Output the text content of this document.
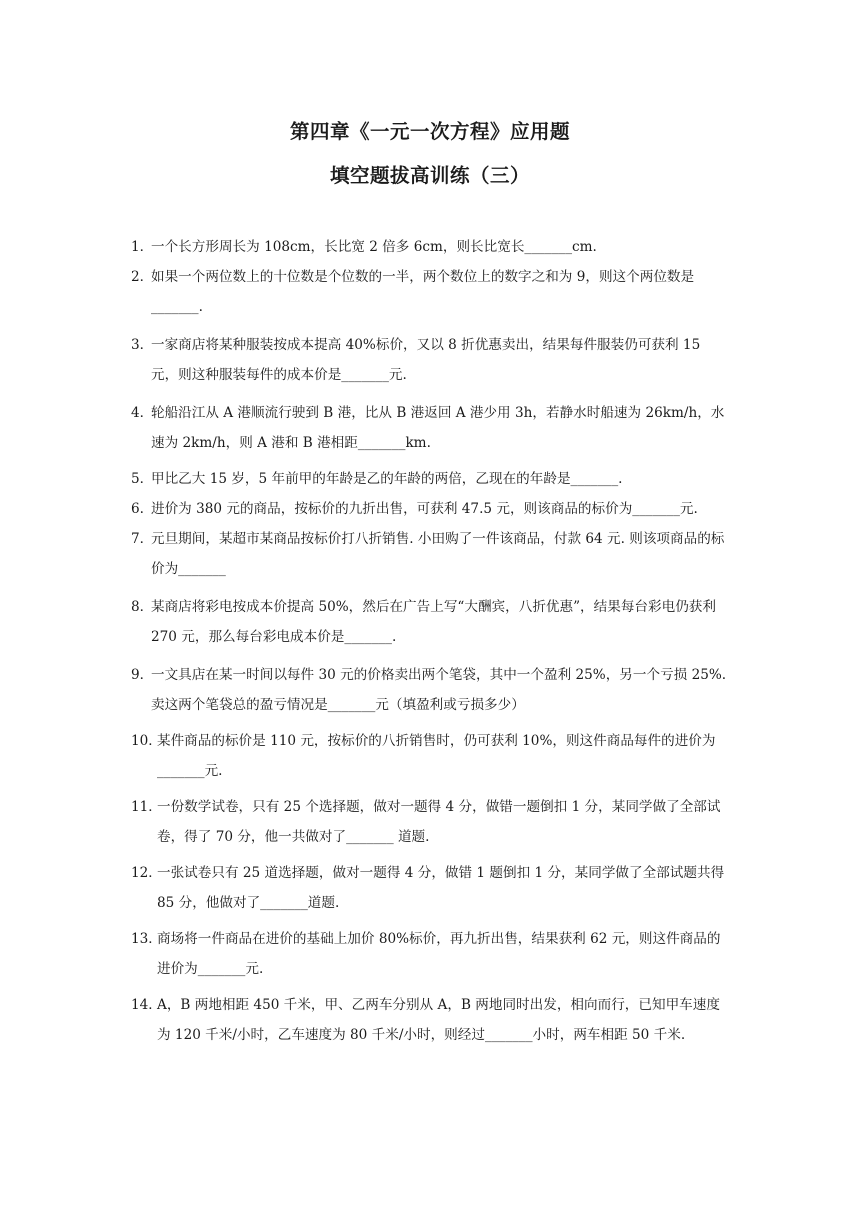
第四章《一元一次方程》应用题
填空题拔高训练（三）
1．
一个长方形周长为 108cm，长比宽 2 倍多 6cm，则长比宽长_______cm.
2．
如果一个两位数上的十位数是个位数的一半，两个数位上的数字之和为 9，则这个两位数是_______.
3．
一家商店将某种服装按成本提高 40%标价，又以 8 折优惠卖出，结果每件服装仍可获利 15 元，则这种服装每件的成本价是_______元.
4．
轮船沿江从 A 港顺流行驶到 B 港，比从 B 港返回 A 港少用 3h，若静水时船速为 26km/h，水速为 2km/h，则 A 港和 B 港相距_______km.
5．
甲比乙大 15 岁，5 年前甲的年龄是乙的年龄的两倍，乙现在的年龄是_______.
6. 进价为 380 元的商品，按标价的九折出售，可获利 47.5 元，则该商品的标价为_______元.
7．
元旦期间，某超市某商品按标价打八折销售. 小田购了一件该商品，付款 64 元. 则该项商品的标价为_______
8．
某商店将彩电按成本价提高 50%，然后在广告上写“大酬宾，八折优惠”，结果每台彩电仍获利 270 元，那么每台彩电成本价是_______.
9．
一文具店在某一时间以每件 30 元的价格卖出两个笔袋，其中一个盈利 25%，另一个亏损 25%. 卖这两个笔袋总的盈亏情况是_______元（填盈利或亏损多少）
10．
某件商品的标价是 110 元，按标价的八折销售时，仍可获利 10%，则这件商品每件的进价为_______元.
11．
一份数学试卷，只有 25 个选择题，做对一题得 4 分，做错一题倒扣 1 分，某同学做了全部试卷，得了 70 分，他一共做对了_______ 道题.
12．
一张试卷只有 25 道选择题，做对一题得 4 分，做错 1 题倒扣 1 分，某同学做了全部试题共得 85 分，他做对了_______道题.
13．
商场将一件商品在进价的基础上加价 80%标价，再九折出售，结果获利 62 元，则这件商品的进价为_______元.
14．
A，B 两地相距 450 千米，甲、乙两车分别从 A，B 两地同时出发，相向而行，已知甲车速度为 120 千米/小时，乙车速度为 80 千米/小时，则经过_______小时，两车相距 50 千米.
